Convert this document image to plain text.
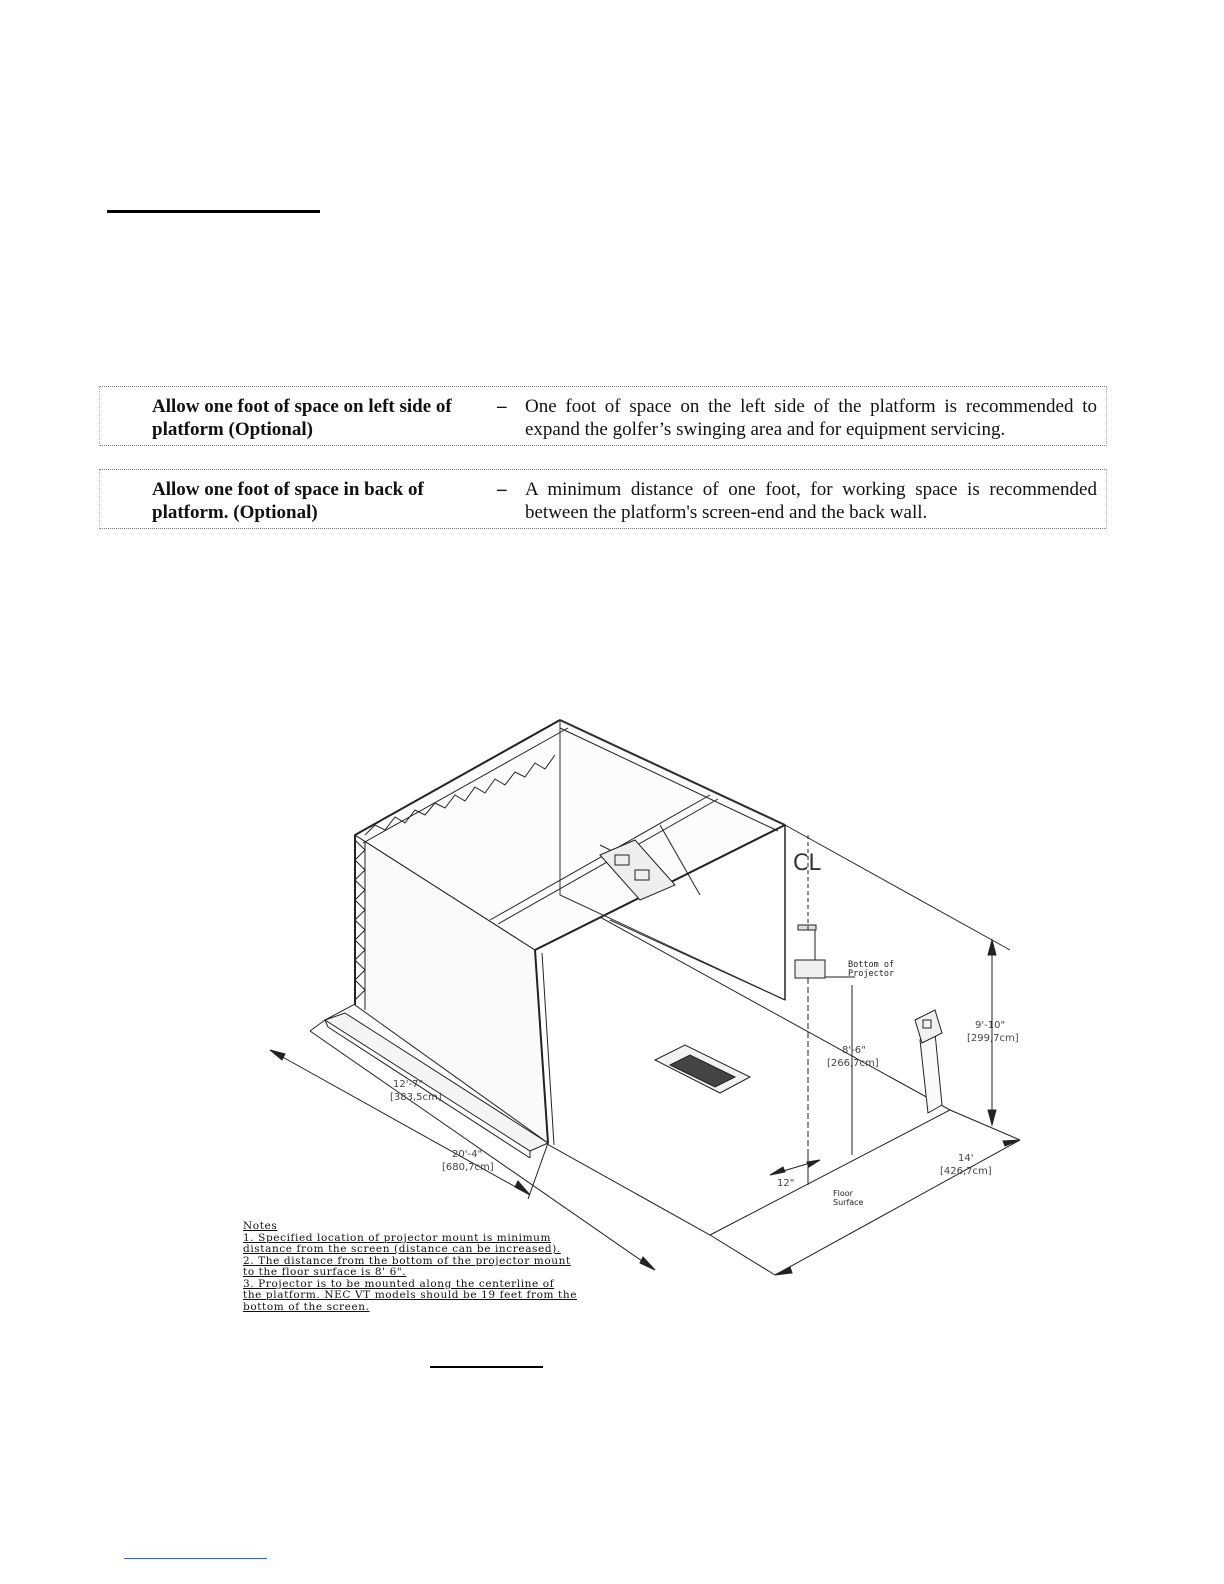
Allow one foot of space on left side of platform (Optional)
– One foot of space on the left side of the platform is recommended to expand the golfer’s swinging area and for equipment servicing.
Allow one foot of space in back of platform. (Optional)
– A minimum distance of one foot, for working space is recommended between the platform's screen-end and the back wall.
CL
Bottom of
Projector
12'-7"
[383,5cm]
20'-4"
[680,7cm]
8'-6"
[266,7cm]
9'-10"
[299,7cm]
14'
[426,7cm]
12"
Floor
Surface
Notes
1. Specified location of projector mount is minimum
distance from the screen (distance can be increased).
2. The distance from the bottom of the projector mount
to the floor surface is 8' 6".
3. Projector is to be mounted along the centerline of
the platform. NEC VT models should be 19 feet from the
bottom of the screen.
